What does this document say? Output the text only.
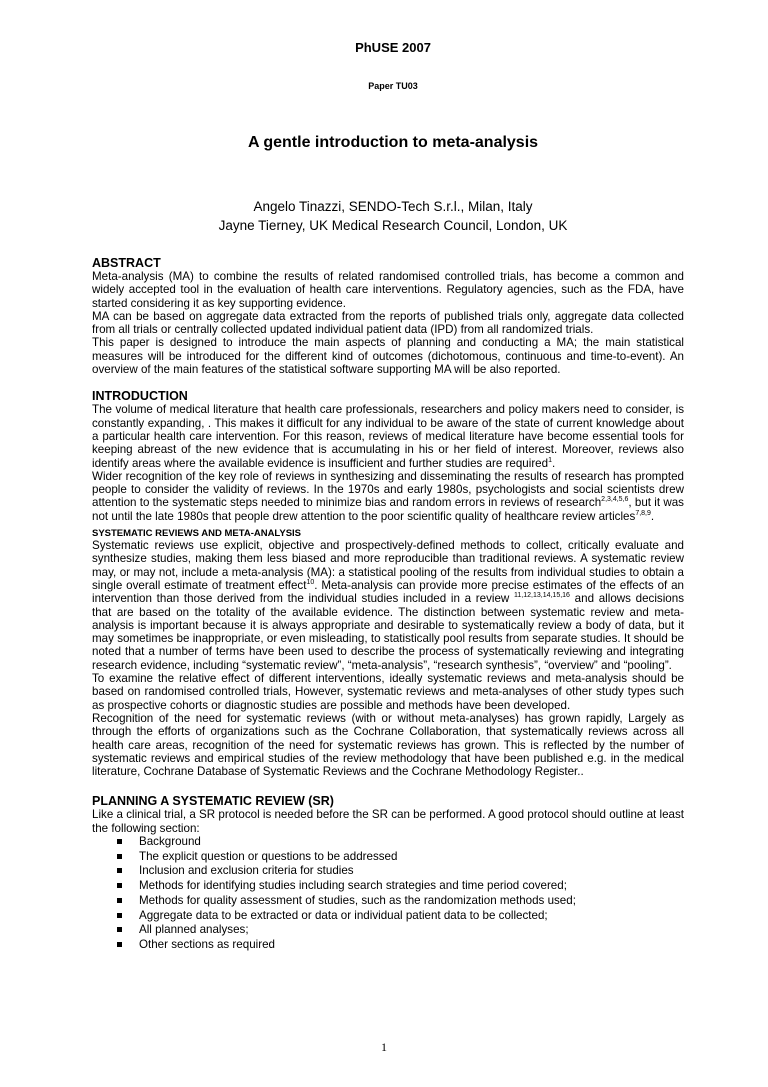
PhUSE 2007
Paper TU03
A gentle introduction to meta-analysis
Angelo Tinazzi, SENDO-Tech S.r.l., Milan, Italy
Jayne Tierney, UK Medical Research Council, London, UK
ABSTRACT

Meta-analysis (MA) to combine the results of related randomised controlled trials, has become a common and widely accepted tool in the evaluation of health care interventions. Regulatory agencies, such as the FDA, have started considering it as key supporting evidence.

MA can be based on aggregate data extracted from the reports of published trials only, aggregate data collected from all trials or centrally collected updated individual patient data (IPD) from all randomized trials.

This paper is designed to introduce the main aspects of planning and conducting a MA; the main statistical measures will be introduced for the different kind of outcomes (dichotomous, continuous and time-to-event). An overview of the main features of the statistical software supporting MA will be also reported.

INTRODUCTION

The volume of medical literature that health care professionals, researchers and policy makers need to consider, is constantly expanding, . This makes it difficult for any individual to be aware of the state of current knowledge about a particular health care intervention. For this reason, reviews of medical literature have become essential tools for keeping abreast of the new evidence that is accumulating in his or her field of interest. Moreover, reviews also identify areas where the available evidence is insufficient and further studies are required$^1$.

Wider recognition of the key role of reviews in synthesizing and disseminating the results of research has prompted people to consider the validity of reviews. In the 1970s and early 1980s, psychologists and social scientists drew attention to the systematic steps needed to minimize bias and random errors in reviews of research$^{2,3,4,5,6}$, but it was not until the late 1980s that people drew attention to the poor scientific quality of healthcare review articles$^{7,8,9}$.

SYSTEMATIC REVIEWS AND META-ANALYSIS

Systematic reviews use explicit, objective and prospectively-defined methods to collect, critically evaluate and synthesize studies, making them less biased and more reproducible than traditional reviews. A systematic review may, or may not, include a meta-analysis (MA): a statistical pooling of the results from individual studies to obtain a single overall estimate of treatment effect$^{10}$. Meta-analysis can provide more precise estimates of the effects of an intervention than those derived from the individual studies included in a review $^{11,12,13,14,15,16}$ and allows decisions that are based on the totality of the available evidence. The distinction between systematic review and meta-analysis is important because it is always appropriate and desirable to systematically review a body of data, but it may sometimes be inappropriate, or even misleading, to statistically pool results from separate studies. It should be noted that a number of terms have been used to describe the process of systematically reviewing and integrating research evidence, including “systematic review”, “meta-analysis”, “research synthesis”, “overview” and “pooling”.

To examine the relative effect of different interventions, ideally systematic reviews and meta-analysis should be based on randomised controlled trials, However, systematic reviews and meta-analyses of other study types such as prospective cohorts or diagnostic studies are possible and methods have been developed.

Recognition of the need for systematic reviews (with or without meta-analyses) has grown rapidly, Largely as through the efforts of organizations such as the Cochrane Collaboration, that systematically reviews across all health care areas, recognition of the need for systematic reviews has grown. This is reflected by the number of systematic reviews and empirical studies of the review methodology that have been published e.g. in the medical literature, Cochrane Database of Systematic Reviews and the Cochrane Methodology Register..

PLANNING A SYSTEMATIC REVIEW (SR)

Like a clinical trial, a SR protocol is needed before the SR can be performed. A good protocol should outline at least the following section:

Background
The explicit question or questions to be addressed
Inclusion and exclusion criteria for studies
Methods for identifying studies including search strategies and time period covered;
Methods for quality assessment of studies, such as the randomization methods used;
Aggregate data to be extracted or data or individual patient data to be collected;
All planned analyses;
Other sections as required
1
